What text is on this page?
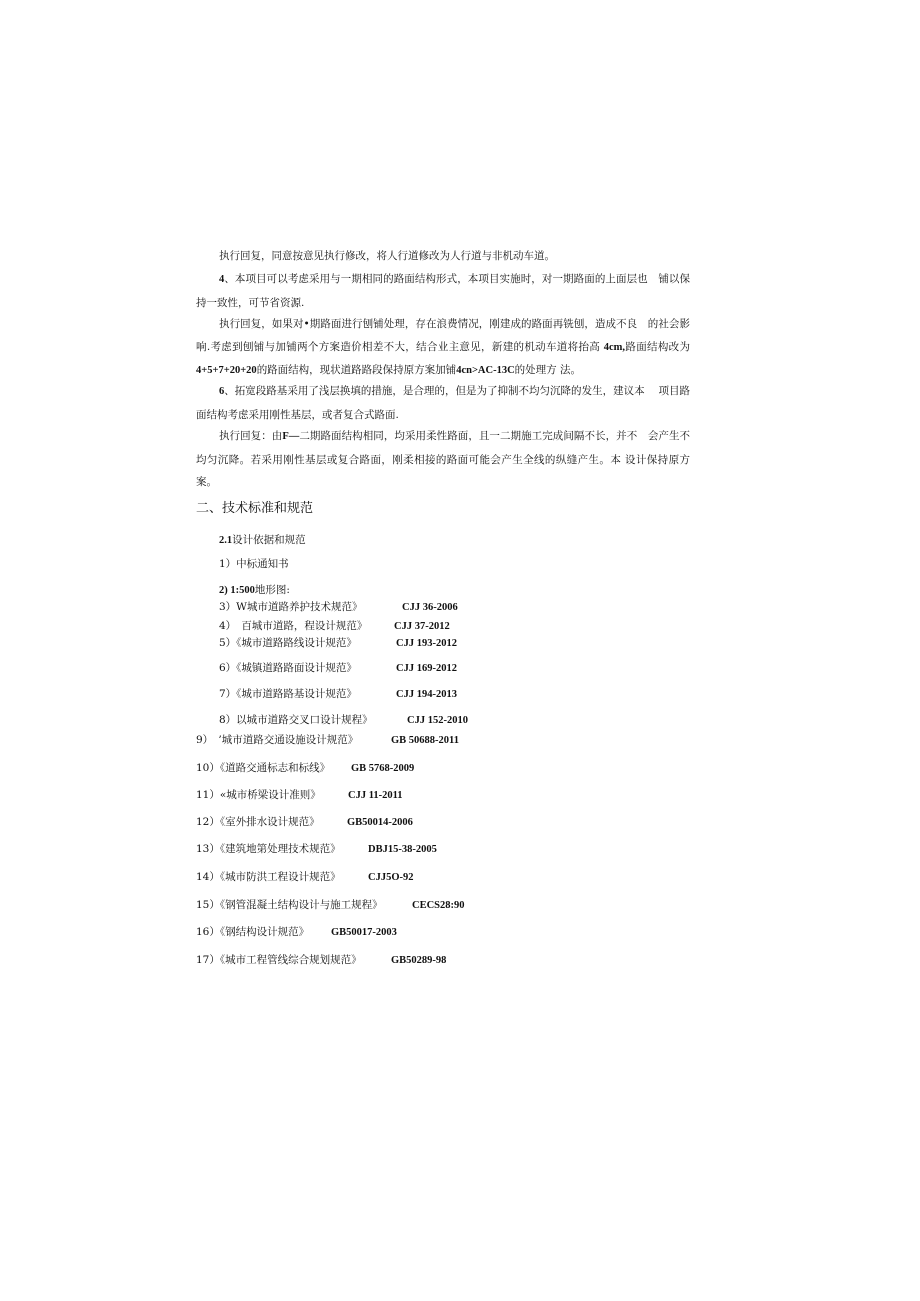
执行回复，同意按意见执行修改，将人行道修改为人行道与非机动车道。
4、本项目可以考虑采用与一期相同的路面结构形式，本项目实施时，对一期路面的上面层也　铺以保持一致性，可节省资源.
执行回复，如果对•期路面进行刨铺处理，存在浪费情况，刚建成的路面再铣刨，造成不良　的社会影响.考虑到刨铺与加铺两个方案造价相差不大，结合业主意见，新建的机动车道将抬高 4cm,路面结构改为4+5+7+20+20的路面结构，现状道路路段保持原方案加铺4cn>AC-13C的处理方 法。
6、拓宽段路基采用了浅层换填的措施，是合理的，但是为了抑制不均匀沉降的发生，建议本　 项目路面结构考虑采用刚性基层，或者复合式路面.
执行回复：由F—二期路面结构相同，均采用柔性路面，且一二期施工完成间隔不长，并不　会产生不均匀沉降。若采用刚性基层或复合路面，刚柔相接的路面可能会产生全线的纵缝产生。本 设计保持原方案。
二、技术标准和规范
2.1设计依据和规范
1）中标通知书
2) 1:500地形图:
3）W城市道路养护技术规范》	CJJ 36-2006
4）　百城市道路，程设计规范》	CJJ 37-2012
5）《城市道路路线设计规范》	CJJ 193-2012
6）《城镇道路路面设计规范》	CJJ 169-2012
7）《城市道路路基设计规范》	CJJ 194-2013
8）以城市道路交叉口设计规程》	CJJ 152-2010
9）　’城市道路交通设施设计规范》	GB 50688-2011
10）《道路交通标志和标线》 GB 5768-2009
11）«城市桥梁设计准则》	CJJ 11-2011
12）《室外排水设计规范》	GB50014-2006
13）《建筑地第处理技术规范》	DBJ15-38-2005
14）《城市防洪工程设计规范》	CJJ5O-92
15）《钢管混凝土结构设计与施工规程》	CECS28:90
16）《钢结构设计规范》 GB50017-2003
17）《城市工程管线综合规划规范》	GB50289-98
